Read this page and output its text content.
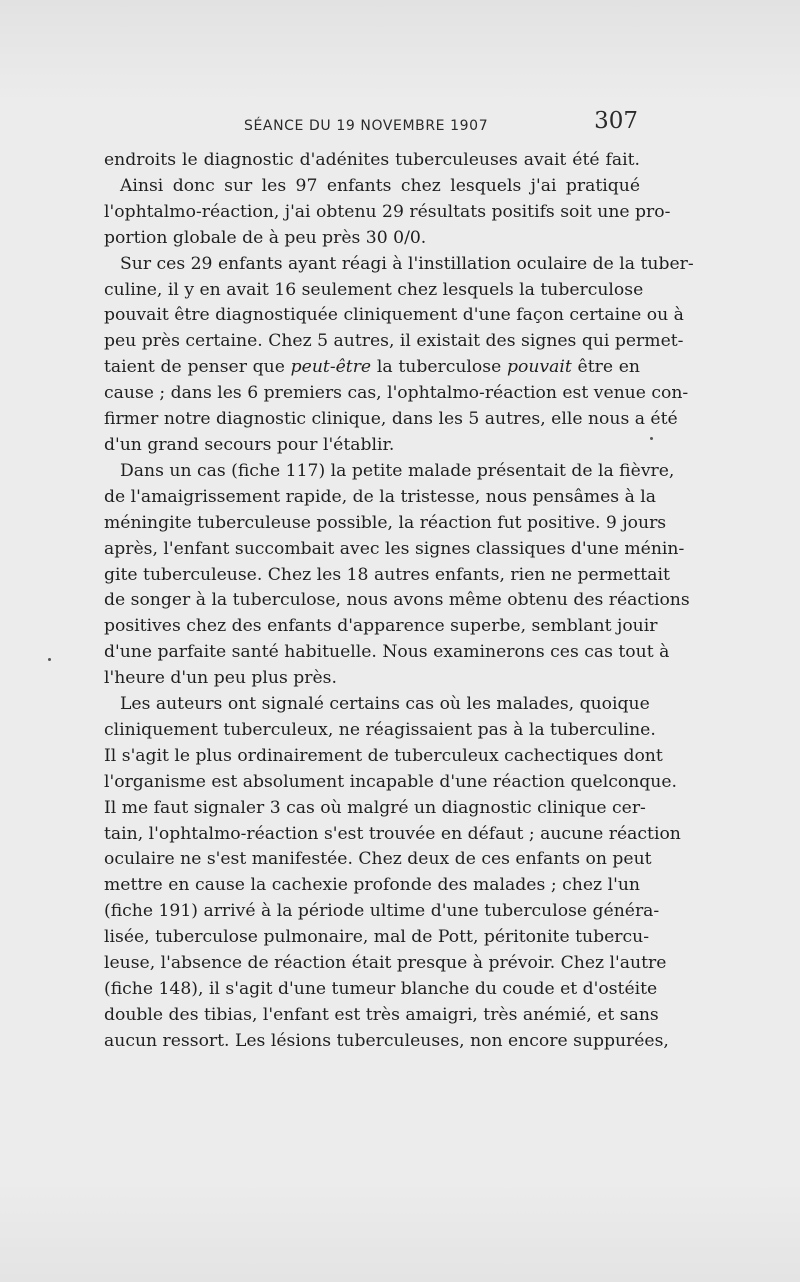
SÉANCE DU 19 NOVEMBRE 1907	307
endroits le diagnostic d'adénites tuberculeuses avait été fait.
Ainsi donc sur les 97 enfants chez lesquels j'ai pratiqué
l'ophtalmo-réaction, j'ai obtenu 29 résultats positifs soit une pro-
portion globale de à peu près 30 0/0.
Sur ces 29 enfants ayant réagi à l'instillation oculaire de la tuber-
culine, il y en avait 16 seulement chez lesquels la tuberculose
pouvait être diagnostiquée cliniquement d'une façon certaine ou à
peu près certaine. Chez 5 autres, il existait des signes qui permet-
taient de penser que peut-être la tuberculose pouvait être en
cause ; dans les 6 premiers cas, l'ophtalmo-réaction est venue con-
firmer notre diagnostic clinique, dans les 5 autres, elle nous a été
d'un grand secours pour l'établir.
Dans un cas (fiche 117) la petite malade présentait de la fièvre,
de l'amaigrissement rapide, de la tristesse, nous pensâmes à la
méningite tuberculeuse possible, la réaction fut positive. 9 jours
après, l'enfant succombait avec les signes classiques d'une ménin-
gite tuberculeuse. Chez les 18 autres enfants, rien ne permettait
de songer à la tuberculose, nous avons même obtenu des réactions
positives chez des enfants d'apparence superbe, semblant jouir
d'une parfaite santé habituelle. Nous examinerons ces cas tout à
l'heure d'un peu plus près.
Les auteurs ont signalé certains cas où les malades, quoique
cliniquement tuberculeux, ne réagissaient pas à la tuberculine.
Il s'agit le plus ordinairement de tuberculeux cachectiques dont
l'organisme est absolument incapable d'une réaction quelconque.
Il me faut signaler 3 cas où malgré un diagnostic clinique cer-
tain, l'ophtalmo-réaction s'est trouvée en défaut ; aucune réaction
oculaire ne s'est manifestée. Chez deux de ces enfants on peut
mettre en cause la cachexie profonde des malades ; chez l'un
(fiche 191) arrivé à la période ultime d'une tuberculose généra-
lisée, tuberculose pulmonaire, mal de Pott, péritonite tubercu-
leuse, l'absence de réaction était presque à prévoir. Chez l'autre
(fiche 148), il s'agit d'une tumeur blanche du coude et d'ostéite
double des tibias, l'enfant est très amaigri, très anémié, et sans
aucun ressort. Les lésions tuberculeuses, non encore suppurées,
